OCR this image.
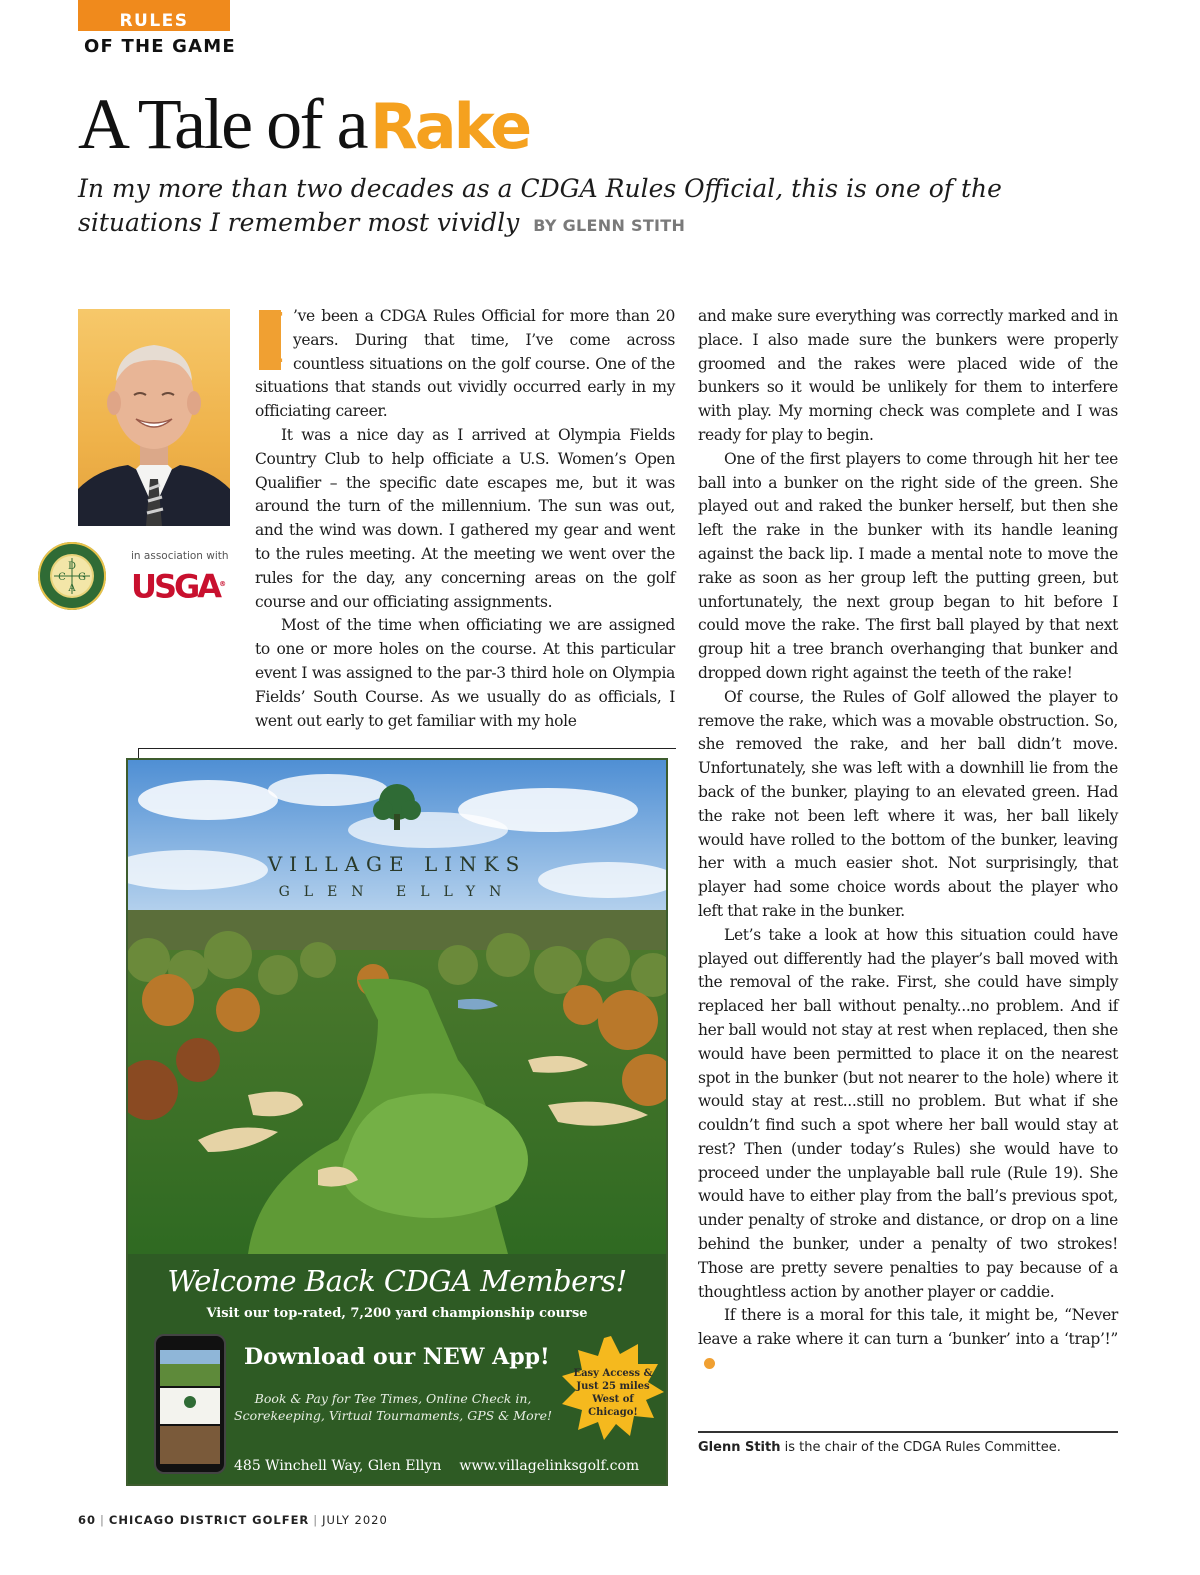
RULES
OF THE GAME
A Tale of aRake
In my more than two decades as a CDGA Rules Official, this is one of the situations I remember most vividly BY GLENN STITH
D
C G
A
in association with
USGA®

I ’ve been a CDGA Rules Official for more than 20 years. During that time, I’ve come across countless situations on the golf course. One of the situations that stands out vividly occurred early in my officiating career.

It was a nice day as I arrived at Olympia Fields Country Club to help officiate a U.S. Women’s Open Qualifier – the specific date escapes me, but it was around the turn of the millennium. The sun was out, and the wind was down. I gathered my gear and went to the rules meeting. At the meeting we went over the rules for the day, any concerning areas on the golf course and our officiating assignments.

Most of the time when officiating we are assigned to one or more holes on the course. At this particular event I was assigned to the par-3 third hole on Olympia Fields’ South Course. As we usually do as officials, I went out early to get familiar with my hole

and make sure everything was correctly marked and in place. I also made sure the bunkers were properly groomed and the rakes were placed wide of the bunkers so it would be unlikely for them to interfere with play. My morning check was complete and I was ready for play to begin.

One of the first players to come through hit her tee ball into a bunker on the right side of the green. She played out and raked the bunker herself, but then she left the rake in the bunker with its handle leaning against the back lip. I made a mental note to move the rake as soon as her group left the putting green, but unfortunately, the next group began to hit before I could move the rake. The first ball played by that next group hit a tree branch overhanging that bunker and dropped down right against the teeth of the rake!

Of course, the Rules of Golf allowed the player to remove the rake, which was a movable obstruction. So, she removed the rake, and her ball didn’t move. Unfortunately, she was left with a downhill lie from the back of the bunker, playing to an elevated green. Had the rake not been left where it was, her ball likely would have rolled to the bottom of the bunker, leaving her with a much easier shot. Not surprisingly, that player had some choice words about the player who left that rake in the bunker.

Let’s take a look at how this situation could have played out differently had the player’s ball moved with the removal of the rake. First, she could have simply replaced her ball without penalty...no problem. And if her ball would not stay at rest when replaced, then she would have been permitted to place it on the nearest spot in the bunker (but not nearer to the hole) where it would stay at rest...still no problem. But what if she couldn’t find such a spot where her ball would stay at rest? Then (under today’s Rules) she would have to proceed under the unplayable ball rule (Rule 19). She would have to either play from the ball’s previous spot, under penalty of stroke and distance, or drop on a line behind the bunker, under a penalty of two strokes! Those are pretty severe penalties to pay because of a thoughtless action by another player or caddie.

If there is a moral for this tale, it might be, “Never leave a rake where it can turn a ‘bunker’ into a ‘trap’!”

Glenn Stith is the chair of the CDGA Rules Committee.
VILLAGE LINKS
GLEN ELLYN
Welcome Back CDGA Members!
Visit our top-rated, 7,200 yard championship course
Download our NEW App!
Book & Pay for Tee Times, Online Check in,
Scorekeeping, Virtual Tournaments, GPS & More!
Easy Access &
Just 25 miles
West of
Chicago!
485 Winchell Way, Glen Ellyn www.villagelinksgolf.com
60 | CHICAGO DISTRICT GOLFER | JULY 2020
